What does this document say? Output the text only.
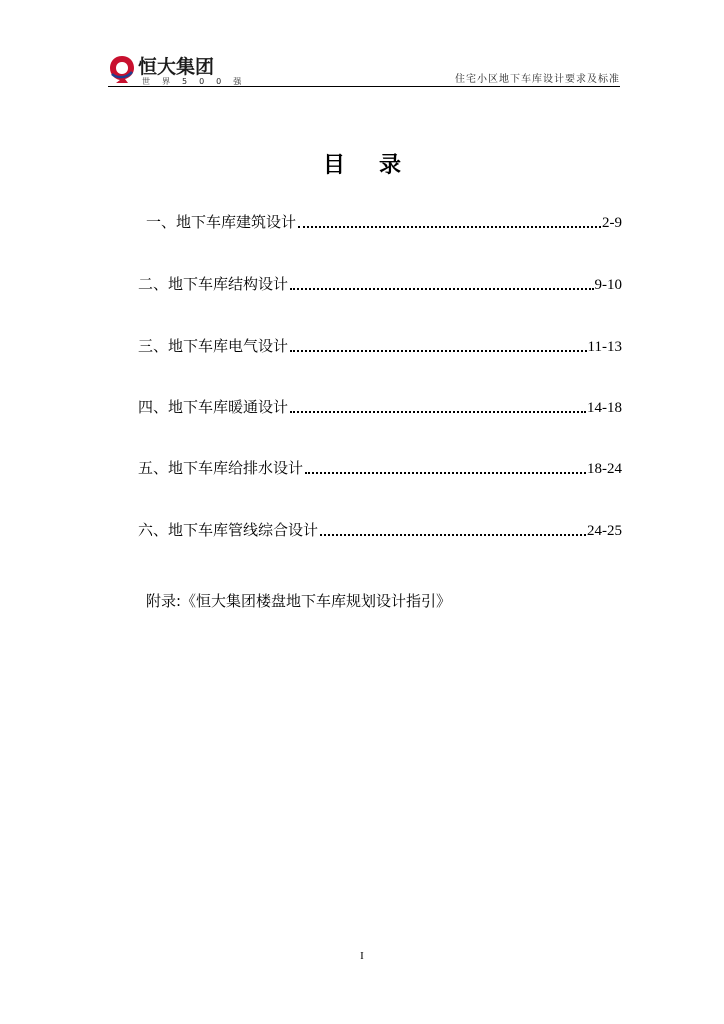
恒大集团
世界500强	住宅小区地下车库设计要求及标准
目录
一、地下车库建筑设计	2-9
二、地下车库结构设计	9-10
三、地下车库电气设计	11-13
四、地下车库暖通设计	14-18
五、地下车库给排水设计	18-24
六、地下车库管线综合设计	24-25
附录:《恒大集团楼盘地下车库规划设计指引》
I
